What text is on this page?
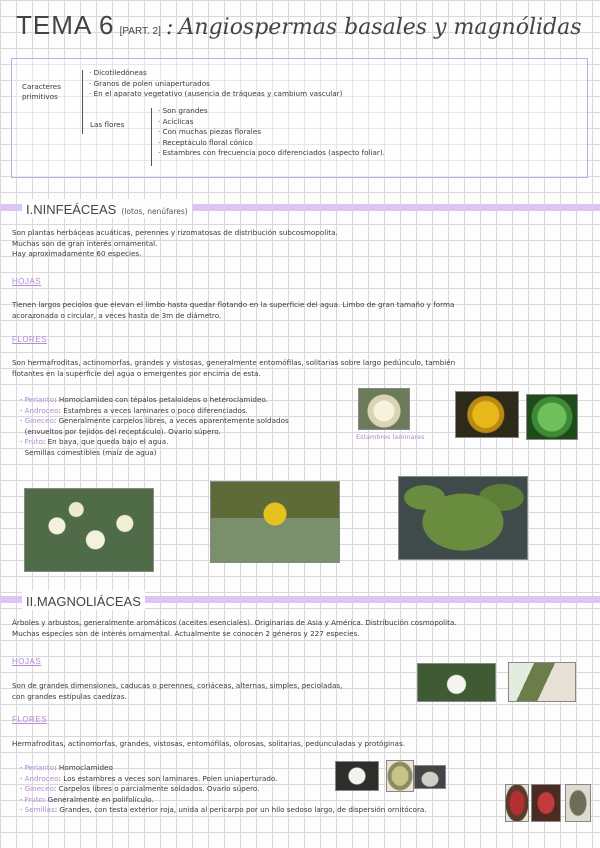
TEMA 6 [PART. 2] : Angiospermas basales y magnólidas
Caracteres
primitivos
· Dicotiledóneas
· Granos de polen uniaperturados
· En el aparato vegetativo (ausencia de tráqueas y cambium vascular)
Las flores
· Son grandes
· Acíclicas
· Con muchas piezas florales
· Receptáculo floral cónico
· Estambres con frecuencia poco diferenciados (aspecto foliar).
I.NINFEÁCEAS (lotos, nenúfares)
Son plantas herbáceas acuáticas, perennes y rizomatosas de distribución subcosmopolita.
Muchas son de gran interés ornamental.
Hay aproximadamente 60 especies.
HOJAS
Tienen largos peciolos que elevan el limbo hasta quedar flotando en la superficie del agua. Limbo de gran tamaño y forma
acorazonada o circular, a veces hasta de 3m de diámetro.
FLORES
Son hermafroditas, actinomorfas, grandes y vistosas, generalmente entomófilas, solitarias sobre largo pedúnculo, también
flotantes en la superficie del agua o emergentes por encima de esta.
· Perianto: Homoclamideo con tépalos petaloideos o heteroclamideo.
· Androceo: Estambres a veces laminares o poco diferenciados.
· Gineceo: Generalmente carpelos libres, a veces aparentemente soldados
(envueltos por tejidos del receptáculo). Ovario súpero.
· Fruto: En baya, que queda bajo el agua.
Semillas comestibles (maíz de agua)
Estambres laminares
II.MAGNOLIÁCEAS
Árboles y arbustos, generalmente aromáticos (aceites esenciales). Originarias de Asia y América. Distribución cosmopolita.
Muchas especies son de interés ornamental. Actualmente se conocen 2 géneros y 227 especies.
HOJAS
Son de grandes dimensiones, caducas o perennes, coriáceas, alternas, simples, pecioladas,
con grandes estípulas caedizas.
FLORES
Hermafroditas, actinomorfas, grandes, vistosas, entomófilas, olorosas, solitarias, pedunculadas y protóginas.
· Perianto: Homoclamideo
· Androceo: Los estambres a veces son laminares. Polen uniaperturado.
· Gineceo: Carpelos libres o parcialmente soldados. Ovario súpero.
· Fruto: Generalmente en polifolículo.
· Semillas: Grandes, con testa exterior roja, unida al pericarpo por un hilo sedoso largo, de dispersión ornitócora.
